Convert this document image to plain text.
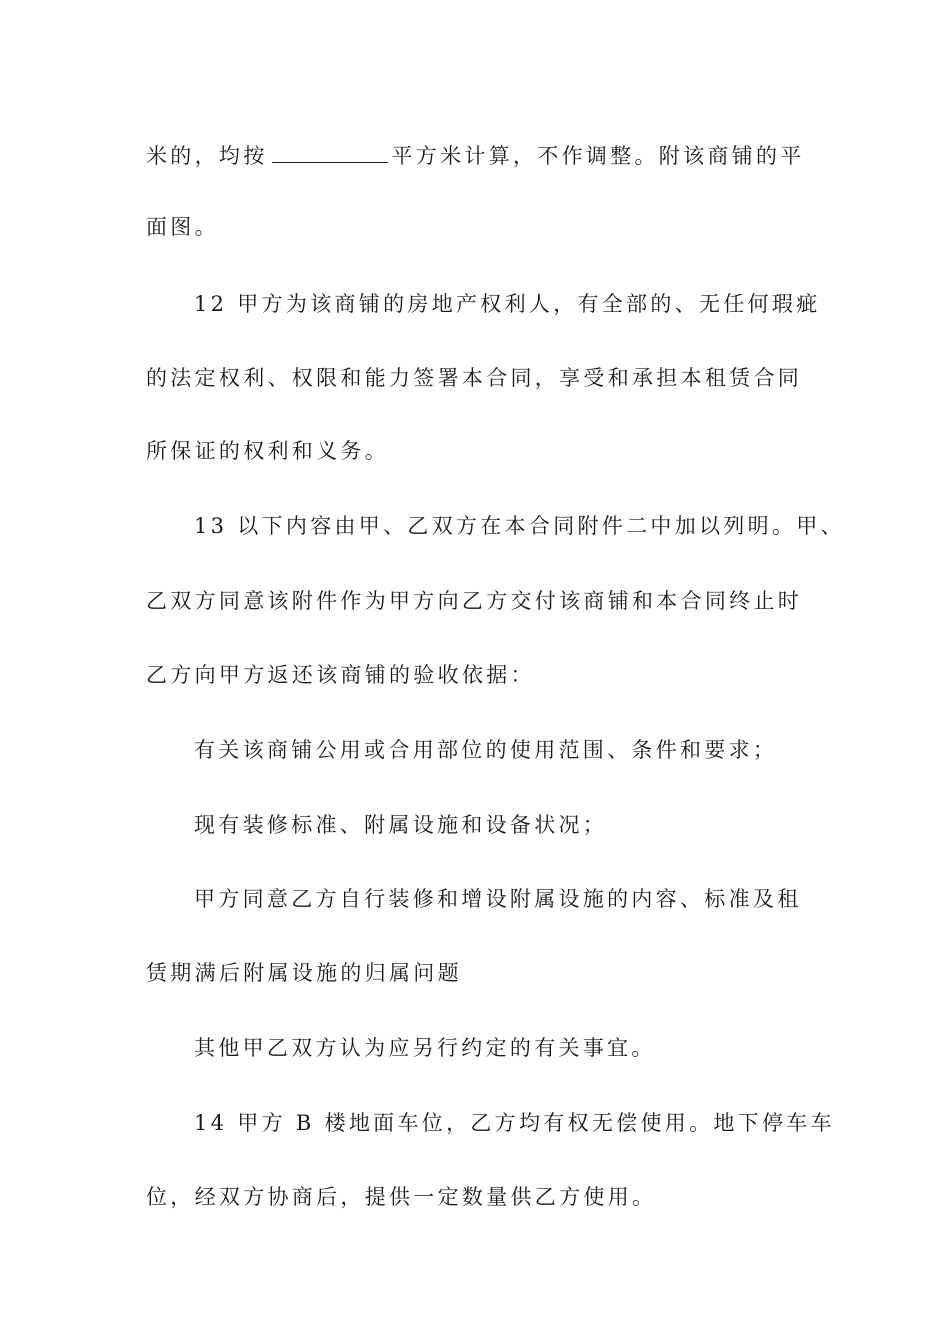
米的，均按	平方米计算，不作调整。附该商铺的平
面图。
12 甲方为该商铺的房地产权利人，有全部的、无任何瑕疵
的法定权利、权限和能力签署本合同，享受和承担本租赁合同
所保证的权利和义务。
13 以下内容由甲、乙双方在本合同附件二中加以列明。甲、
乙双方同意该附件作为甲方向乙方交付该商铺和本合同终止时
乙方向甲方返还该商铺的验收依据：
有关该商铺公用或合用部位的使用范围、条件和要求；
现有装修标准、附属设施和设备状况；
甲方同意乙方自行装修和增设附属设施的内容、标准及租
赁期满后附属设施的归属问题
其他甲乙双方认为应另行约定的有关事宜。
14 甲方 B 楼地面车位，乙方均有权无偿使用。地下停车车
位，经双方协商后，提供一定数量供乙方使用。
